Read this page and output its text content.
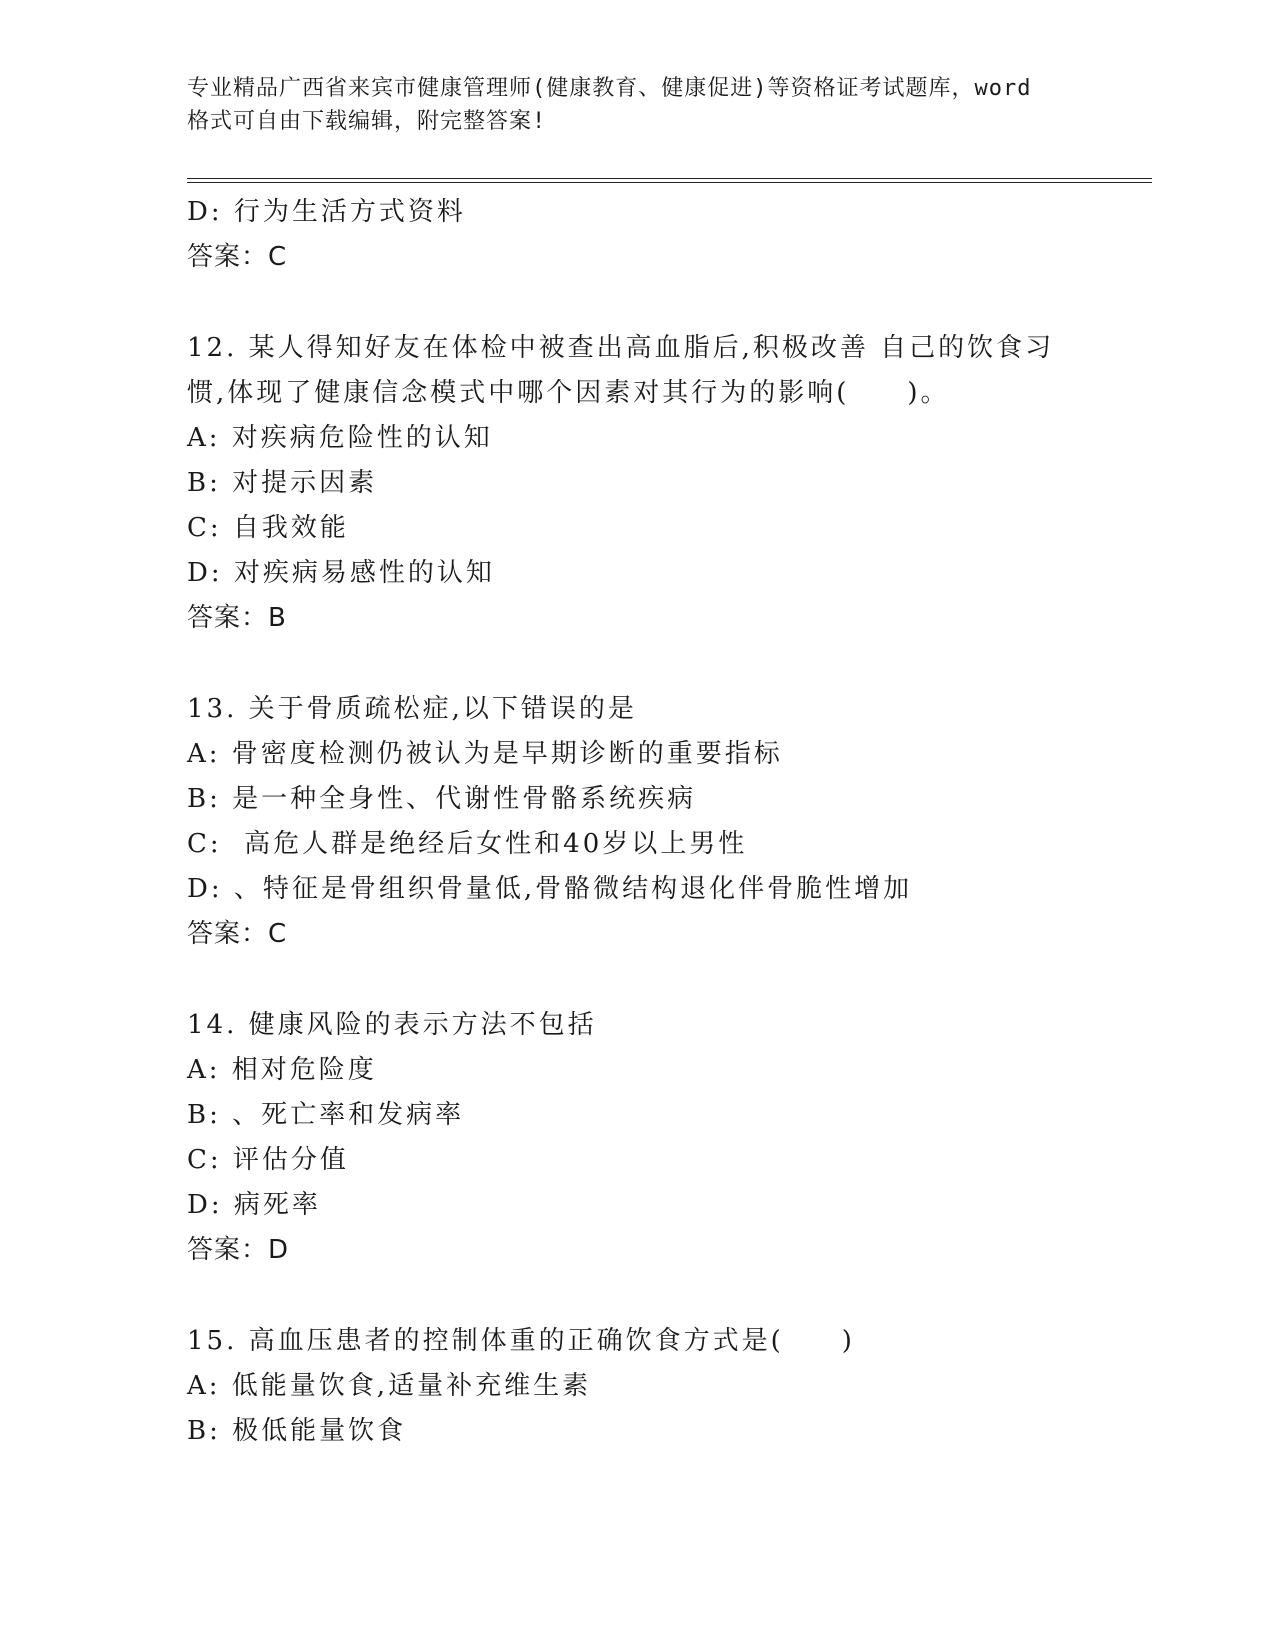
专业精品广西省来宾市健康管理师(健康教育、健康促进)等资格证考试题库，word
格式可自由下载编辑，附完整答案!
D: 行为生活方式资料
答案：C
12. 某人得知好友在体检中被查出高血脂后,积极改善 自己的饮食习
惯,体现了健康信念模式中哪个因素对其行为的影响(　　)。
A: 对疾病危险性的认知
B: 对提示因素
C: 自我效能
D: 对疾病易感性的认知
答案：B
13. 关于骨质疏松症,以下错误的是
A: 骨密度检测仍被认为是早期诊断的重要指标
B: 是一种全身性、代谢性骨骼系统疾病
C:  高危人群是绝经后女性和40岁以上男性
D: 、特征是骨组织骨量低,骨骼微结构退化伴骨脆性增加
答案：C
14. 健康风险的表示方法不包括
A: 相对危险度
B: 、死亡率和发病率
C: 评估分值
D: 病死率
答案：D
15. 高血压患者的控制体重的正确饮食方式是(　　)
A: 低能量饮食,适量补充维生素
B: 极低能量饮食
